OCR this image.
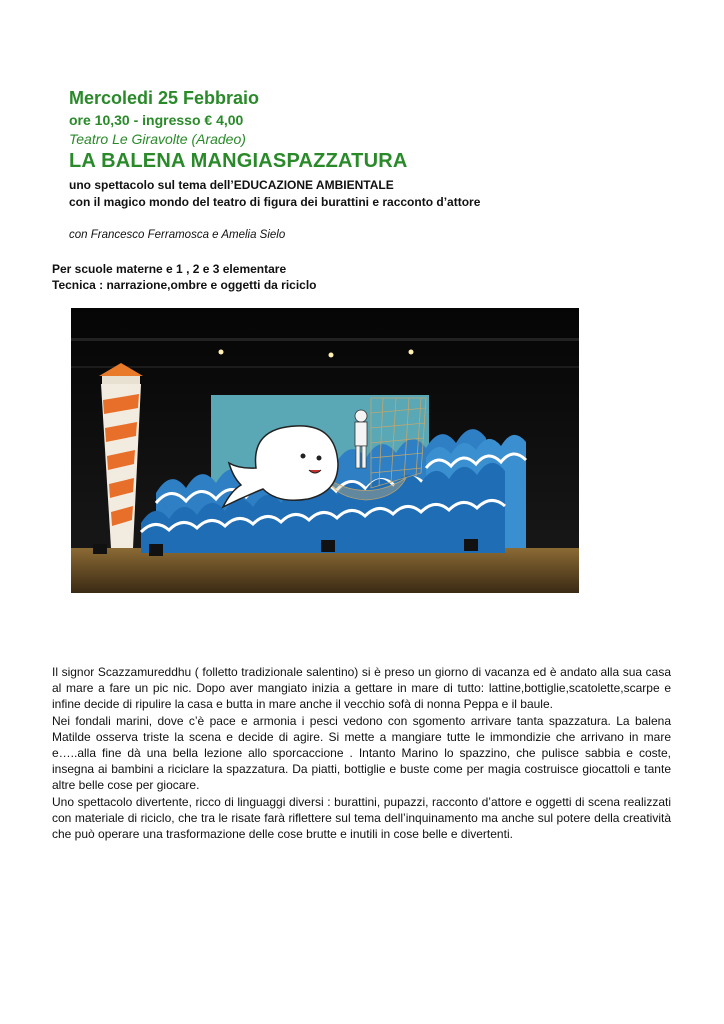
Mercoledi 25 Febbraio
ore 10,30 - ingresso € 4,00
Teatro Le Giravolte (Aradeo)
LA BALENA MANGIASPAZZATURA
uno spettacolo sul tema dell’EDUCAZIONE AMBIENTALE
con il magico mondo del teatro di figura dei burattini e racconto d’attore
con Francesco Ferramosca e Amelia Sielo
Per scuole materne e 1 , 2 e 3 elementare
Tecnica : narrazione,ombre e oggetti da riciclo

Il signor Scazzamureddhu ( folletto tradizionale salentino) si è preso un giorno di vacanza ed è andato alla sua casa al mare a fare un pic nic. Dopo aver mangiato inizia a gettare in mare di tutto: lattine,bottiglie,scatolette,scarpe e infine decide di ripulire la casa e butta in mare anche il vecchio sofà di nonna Peppa e il baule.

Nei fondali marini, dove c’è pace e armonia i pesci vedono con sgomento arrivare tanta spazzatura. La balena Matilde osserva triste la scena e decide di agire. Si mette a mangiare tutte le immondizie che arrivano in mare e…..alla fine dà una bella lezione allo sporcaccione . Intanto Marino lo spazzino, che pulisce sabbia e coste, insegna ai bambini a riciclare la spazzatura. Da piatti, bottiglie e buste come per magia costruisce giocattoli e tante altre belle cose per giocare.

Uno spettacolo divertente, ricco di linguaggi diversi : burattini, pupazzi, racconto d’attore e oggetti di scena realizzati con materiale di riciclo, che tra le risate farà riflettere sul tema dell’inquinamento ma anche sul potere della creatività che può operare una trasformazione delle cose brutte e inutili in cose belle e divertenti.
